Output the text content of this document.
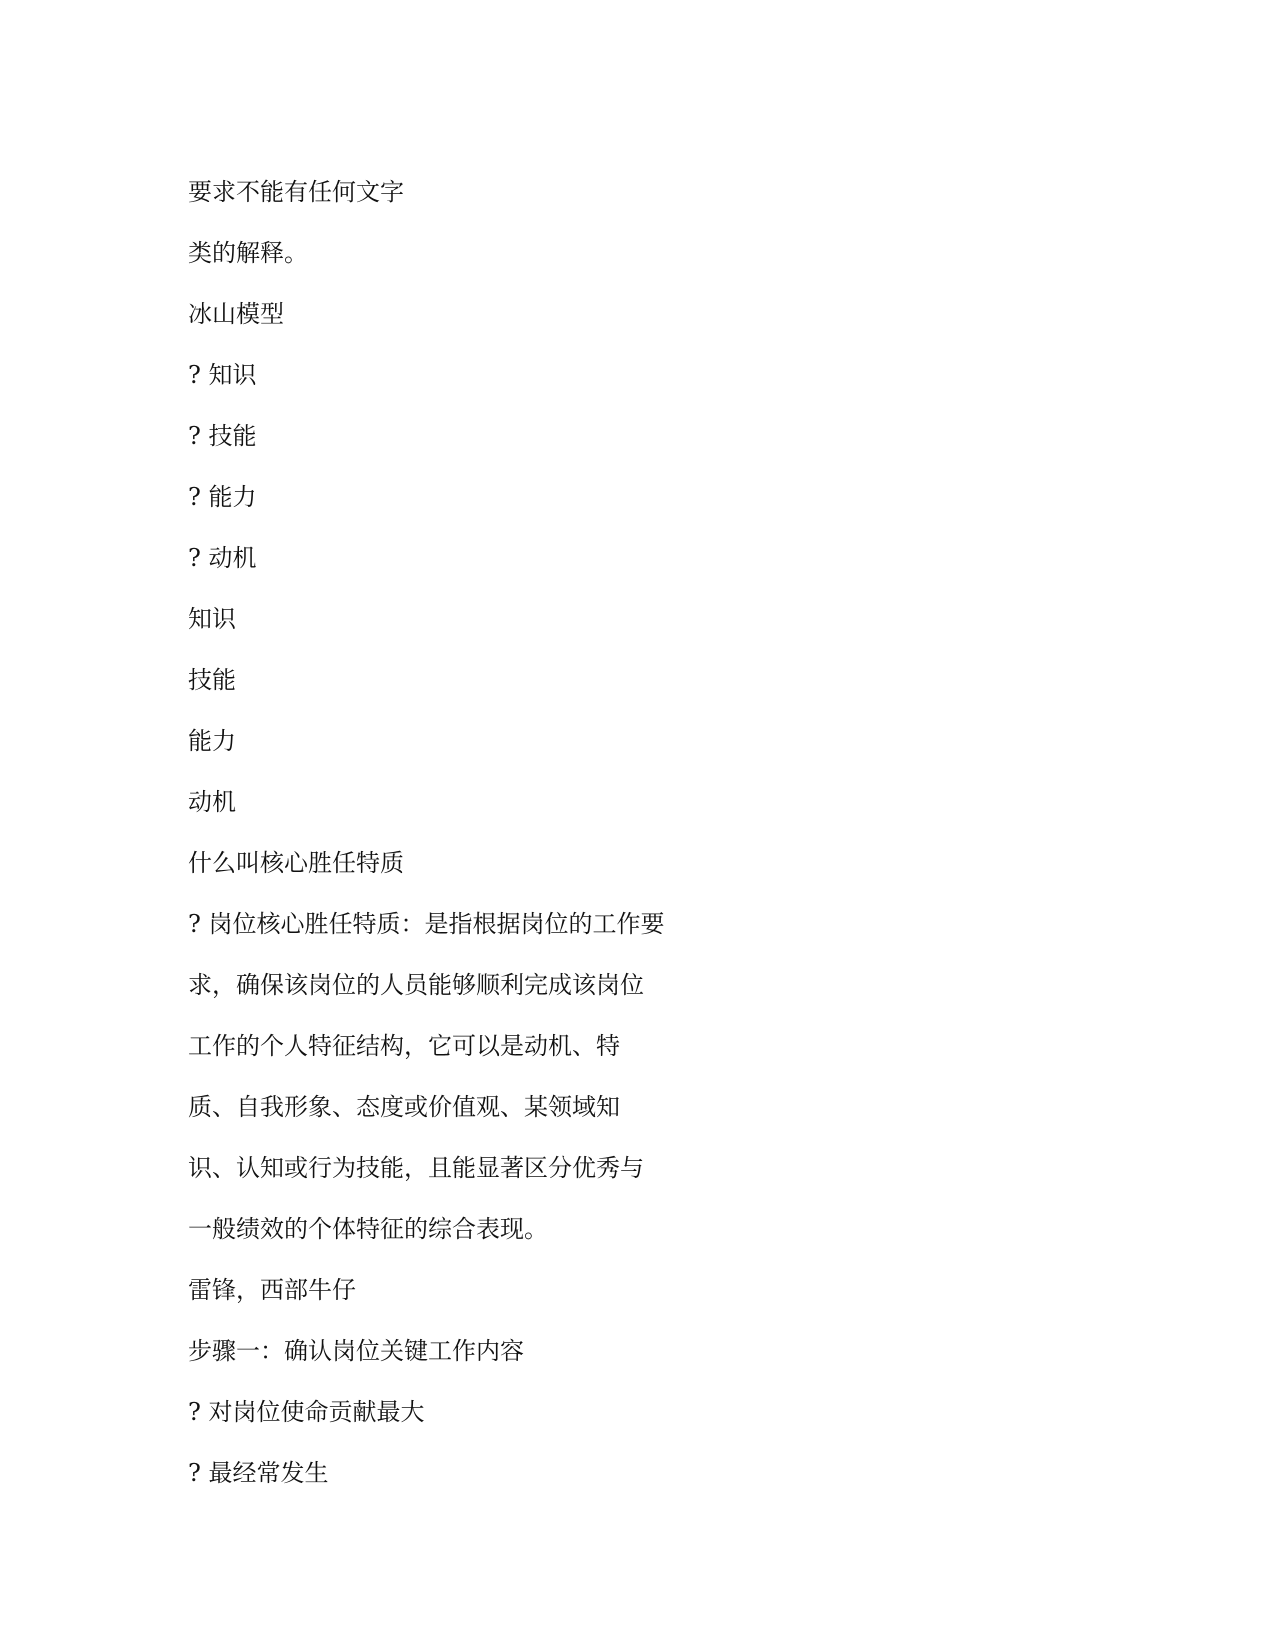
要求不能有任何文字
类的解释。
冰山模型
? 知识
? 技能
? 能力
? 动机
知识
技能
能力
动机
什么叫核心胜任特质
? 岗位核心胜任特质：是指根据岗位的工作要
求，确保该岗位的人员能够顺利完成该岗位
工作的个人特征结构，它可以是动机、特
质、自我形象、态度或价值观、某领域知
识、认知或行为技能，且能显著区分优秀与
一般绩效的个体特征的综合表现。
雷锋，西部牛仔
步骤一：确认岗位关键工作内容
? 对岗位使命贡献最大
? 最经常发生
